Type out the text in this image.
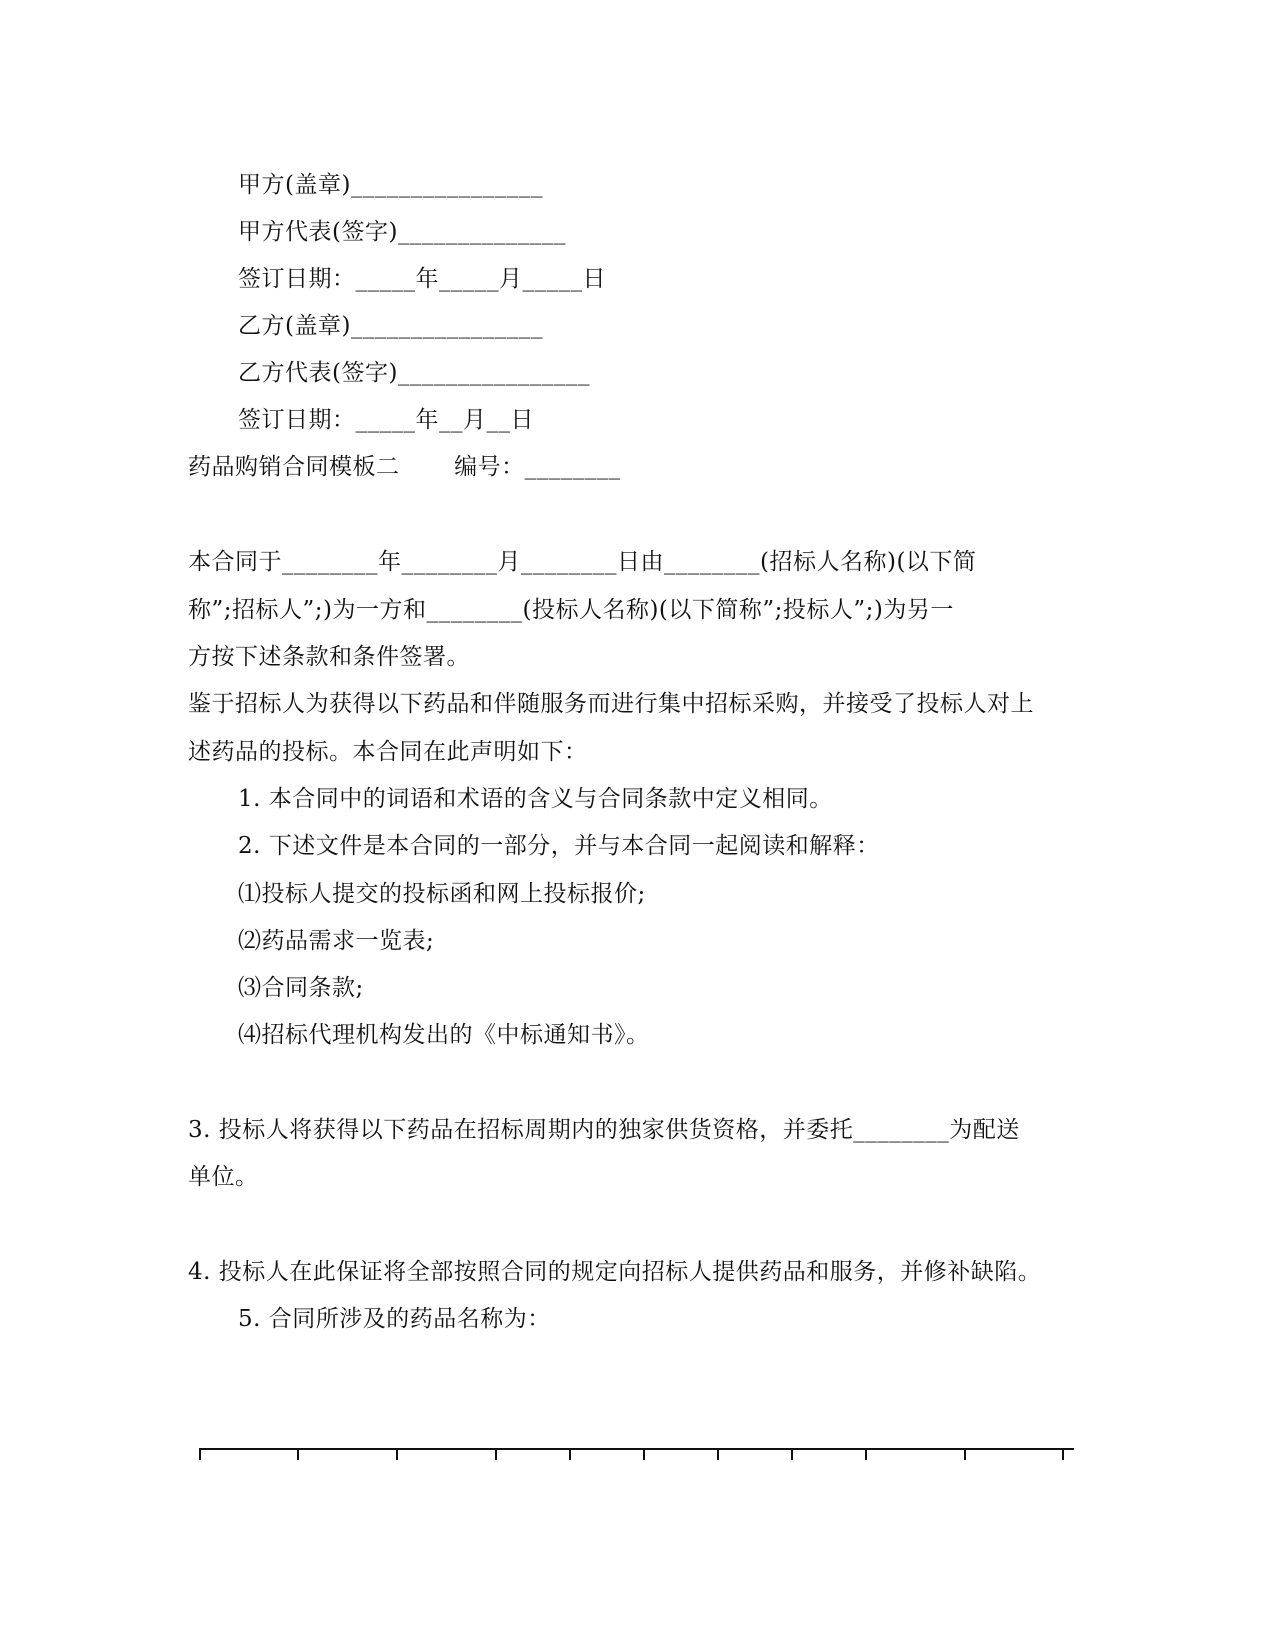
甲方(盖章)________________
甲方代表(签字)______________
签订日期：_____年_____月_____日
乙方(盖章)________________
乙方代表(签字)________________
签订日期：_____年__月__日
药品购销合同模板二       编号：________
本合同于________年________月________日由________(招标人名称)(以下简
称”;招标人”;)为一方和________(投标人名称)(以下简称”;投标人”;)为另一
方按下述条款和条件签署。
鉴于招标人为获得以下药品和伴随服务而进行集中招标采购，并接受了投标人对上
述药品的投标。本合同在此声明如下：
1. 本合同中的词语和术语的含义与合同条款中定义相同。
2. 下述文件是本合同的一部分，并与本合同一起阅读和解释：
⑴投标人提交的投标函和网上投标报价;
⑵药品需求一览表;
⑶合同条款;
⑷招标代理机构发出的《中标通知书》。
3. 投标人将获得以下药品在招标周期内的独家供货资格，并委托________为配送
单位。
4. 投标人在此保证将全部按照合同的规定向招标人提供药品和服务，并修补缺陷。
5. 合同所涉及的药品名称为：
